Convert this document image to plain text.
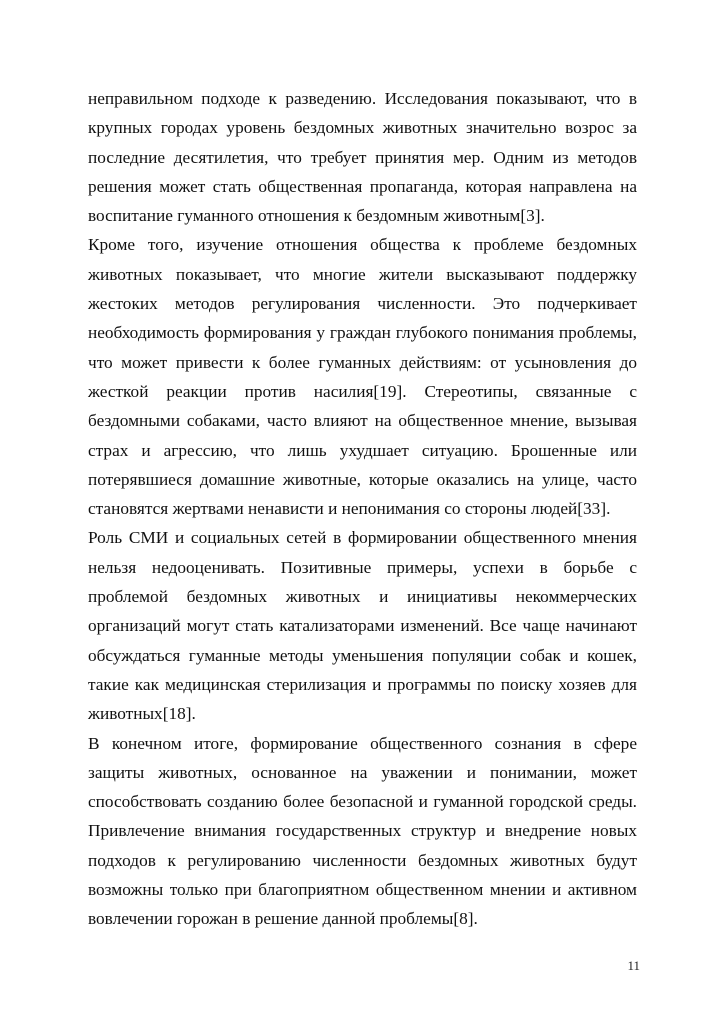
неправильном подходе к разведению. Исследования показывают, что в крупных городах уровень бездомных животных значительно возрос за последние десятилетия, что требует принятия мер. Одним из методов решения может стать общественная пропаганда, которая направлена на воспитание гуманного отношения к бездомным животным[3].

Кроме того, изучение отношения общества к проблеме бездомных животных показывает, что многие жители высказывают поддержку жестоких методов регулирования численности. Это подчеркивает необходимость формирования у граждан глубокого понимания проблемы, что может привести к более гуманных действиям: от усыновления до жесткой реакции против насилия[19]. Стереотипы, связанные с бездомными собаками, часто влияют на общественное мнение, вызывая страх и агрессию, что лишь ухудшает ситуацию. Брошенные или потерявшиеся домашние животные, которые оказались на улице, часто становятся жертвами ненависти и непонимания со стороны людей[33].

Роль СМИ и социальных сетей в формировании общественного мнения нельзя недооценивать. Позитивные примеры, успехи в борьбе с проблемой бездомных животных и инициативы некоммерческих организаций могут стать катализаторами изменений. Все чаще начинают обсуждаться гуманные методы уменьшения популяции собак и кошек, такие как медицинская стерилизация и программы по поиску хозяев для животных[18].

В конечном итоге, формирование общественного сознания в сфере защиты животных, основанное на уважении и понимании, может способствовать созданию более безопасной и гуманной городской среды. Привлечение внимания государственных структур и внедрение новых подходов к регулированию численности бездомных животных будут возможны только при благоприятном общественном мнении и активном вовлечении горожан в решение данной проблемы[8].

11
